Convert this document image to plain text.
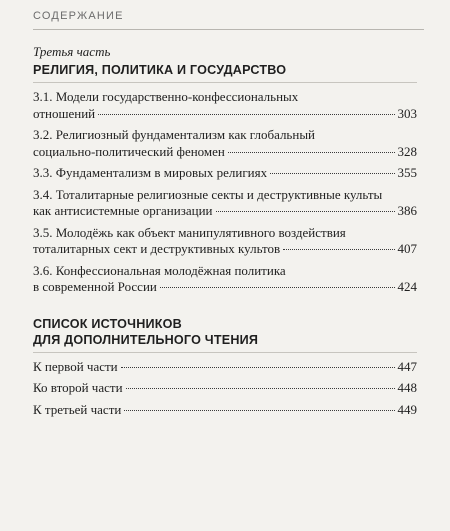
СОДЕРЖАНИЕ
Третья часть
РЕЛИГИЯ, ПОЛИТИКА И ГОСУДАРСТВО
3.1. Модели государственно-конфессиональных
отношений	303
3.2. Религиозный фундаментализм как глобальный
социально-политический феномен	328
3.3. Фундаментализм в мировых религиях	355
3.4. Тоталитарные религиозные секты и деструктивные культы
как антисистемные организации	386
3.5. Молодёжь как объект манипулятивного воздействия
тоталитарных сект и деструктивных культов	407
3.6. Конфессиональная молодёжная политика
в современной России	424
СПИСОК ИСТОЧНИКОВ
ДЛЯ ДОПОЛНИТЕЛЬНОГО ЧТЕНИЯ
К первой части	447
Ко второй части	448
К третьей части	449
